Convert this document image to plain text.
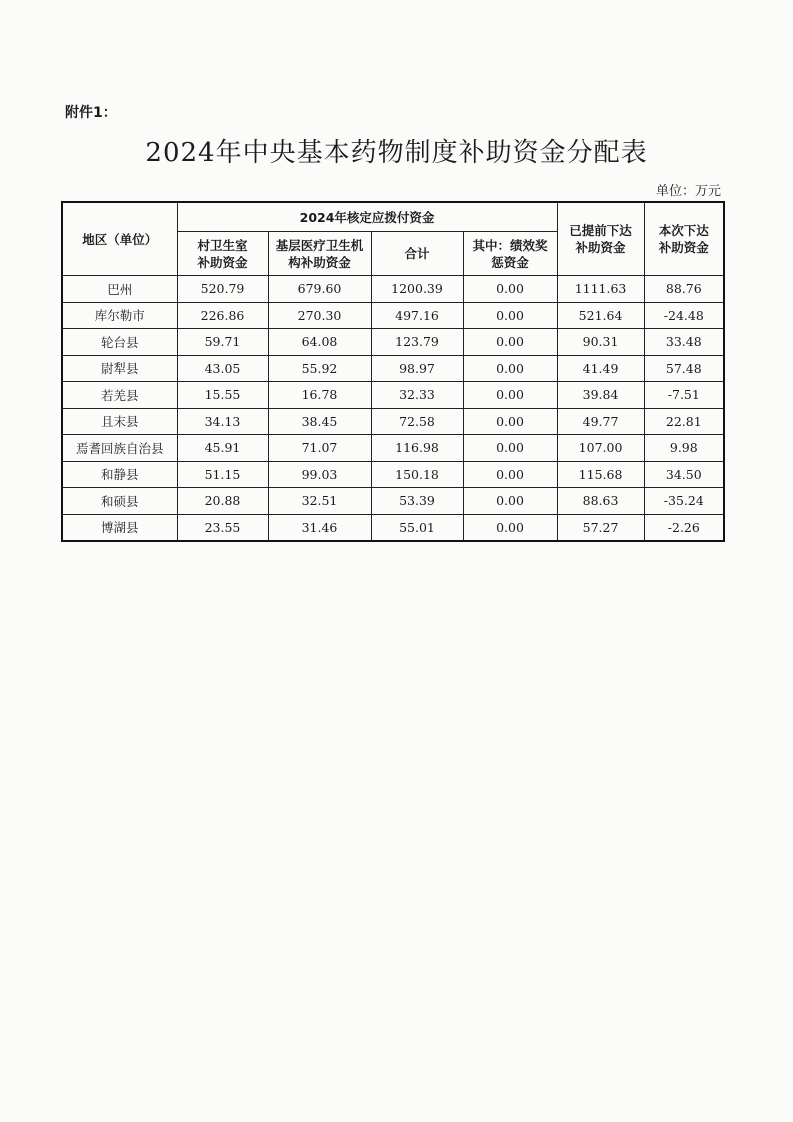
附件1：
2024年中央基本药物制度补助资金分配表
单位：万元
地区（单位）	2024年核定应拨付资金				已提前下达补助资金	本次下达补助资金

	村卫生室补助资金	基层医疗卫生机构补助资金	合计	其中：绩效奖惩资金		

巴州	520.79	679.60	1200.39	0.00	1111.63	88.76
库尔勒市	226.86	270.30	497.16	0.00	521.64	-24.48
轮台县	59.71	64.08	123.79	0.00	90.31	33.48
尉犁县	43.05	55.92	98.97	0.00	41.49	57.48
若羌县	15.55	16.78	32.33	0.00	39.84	-7.51
且末县	34.13	38.45	72.58	0.00	49.77	22.81
焉耆回族自治县	45.91	71.07	116.98	0.00	107.00	9.98
和静县	51.15	99.03	150.18	0.00	115.68	34.50
和硕县	20.88	32.51	53.39	0.00	88.63	-35.24
博湖县	23.55	31.46	55.01	0.00	57.27	-2.26
